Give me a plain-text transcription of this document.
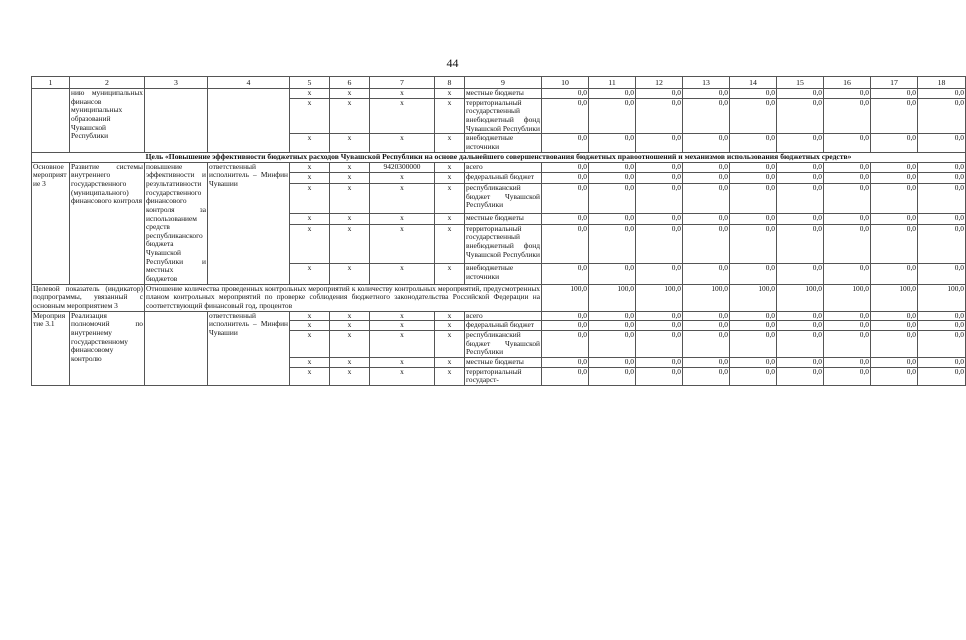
44
1	2	3	4	5	6	7	8	9	10	11	12	13	14	15	16	17	18
	нию муниципальных финансов муниципальных образований Чувашской Республики			x	x	x	x	местные бюджеты	0,0	0,0	0,0	0,0	0,0	0,0	0,0	0,0	0,0
				x	x	x	x	территориальный государственный внебюджетный фонд Чувашской Республики	0,0	0,0	0,0	0,0	0,0	0,0	0,0	0,0	0,0
				x	x	x	x	внебюджетные источники	0,0	0,0	0,0	0,0	0,0	0,0	0,0	0,0	0,0
Цель «Повышение эффективности бюджетных расходов Чувашской Республики на основе дальнейшего совершенствования бюджетных правоотношений и механизмов использования бюджетных средств»																	
Основное мероприятие 3	Развитие системы внутреннего государственного (муниципального) финансового контроля	повышение эффективности и результативности государственного финансового контроля за использованием средств республиканского бюджета Чувашской Республики и местных бюджетов	ответственный исполнитель – Минфин Чувашии	x	x	9420300000	x	всего	0,0	0,0	0,0	0,0	0,0	0,0	0,0	0,0	0,0
				x	x	x	x	федеральный бюджет	0,0	0,0	0,0	0,0	0,0	0,0	0,0	0,0	0,0
				x	x	x	x	республиканский бюджет Чувашской Республики	0,0	0,0	0,0	0,0	0,0	0,0	0,0	0,0	0,0
				x	x	x	x	местные бюджеты	0,0	0,0	0,0	0,0	0,0	0,0	0,0	0,0	0,0
				x	x	x	x	территориальный государственный внебюджетный фонд Чувашской Республики	0,0	0,0	0,0	0,0	0,0	0,0	0,0	0,0	0,0
				x	x	x	x	внебюджетные источники	0,0	0,0	0,0	0,0	0,0	0,0	0,0	0,0	0,0
Целевой показатель (индикатор) подпрограммы, увязанный с основным мероприятием 3		Отношение количества проведенных контрольных мероприятий к количеству контрольных мероприятий, предусмотренных планом контрольных мероприятий по проверке соблюдения бюджетного законодательства Российской Федерации на соответствующий финансовый год, процентов							100,0	100,0	100,0	100,0	100,0	100,0	100,0	100,0	100,0
Мероприятие 3.1	Реализация полномочий по внутреннему государственному финансовому контролю		ответственный исполнитель – Минфин Чувашии	x	x	x	x	всего	0,0	0,0	0,0	0,0	0,0	0,0	0,0	0,0	0,0
				x	x	x	x	федеральный бюджет	0,0	0,0	0,0	0,0	0,0	0,0	0,0	0,0	0,0
				x	x	x	x	республиканский бюджет Чувашской Республики	0,0	0,0	0,0	0,0	0,0	0,0	0,0	0,0	0,0
				x	x	x	x	местные бюджеты	0,0	0,0	0,0	0,0	0,0	0,0	0,0	0,0	0,0
				x	x	x	x	территориальный государст-	0,0	0,0	0,0	0,0	0,0	0,0	0,0	0,0	0,0
